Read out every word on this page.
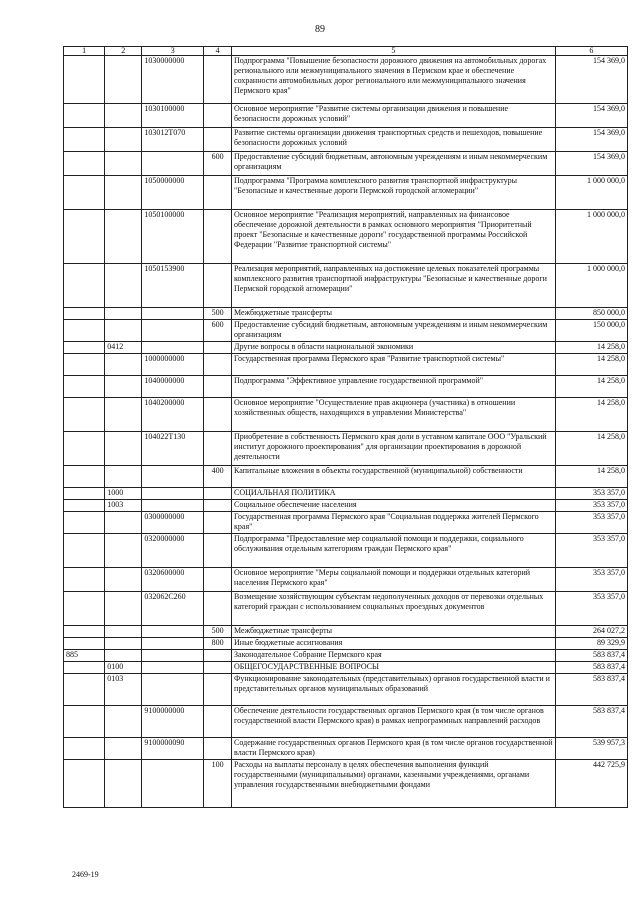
89
1	2	3	4	5	6
		1030000000		Подпрограмма "Повышение безопасности дорожного движения на автомобильных дорогах регионального или межмуниципального значения в Пермском крае и обеспечение сохранности автомобильных дорог регионального или межмуниципального значения Пермского края"	154 369,0
		1030100000		Основное мероприятие "Развитие системы организации движения и повышение безопасности дорожных условий"	154 369,0
		103012Т070		Развитие системы организации движения транспортных средств и пешеходов, повышение безопасности дорожных условий	154 369,0
			600	Предоставление субсидий бюджетным, автономным учреждениям и иным некоммерческим организациям	154 369,0
		1050000000		Подпрограмма "Программа комплексного развития транспортной инфраструктуры "Безопасные и качественные дороги Пермской городской агломерации"	1 000 000,0
		1050100000		Основное мероприятие "Реализация мероприятий, направленных на финансовое обеспечение дорожной деятельности в рамках основного мероприятия "Приоритетный проект "Безопасные и качественные дороги" государственной программы Российской Федерации "Развитие транспортной системы"	1 000 000,0
		1050153900		Реализация мероприятий, направленных на достижение целевых показателей программы комплексного развития транспортной инфраструктуры "Безопасные и качественные дороги Пермской городской агломерации"	1 000 000,0
			500	Межбюджетные трансферты	850 000,0
			600	Предоставление субсидий бюджетным, автономным учреждениям и иным некоммерческим организациям	150 000,0
	0412			Другие вопросы в области национальной экономики	14 258,0
		1000000000		Государственная программа Пермского края "Развитие транспортной системы"	14 258,0
		1040000000		Подпрограмма "Эффективное управление государственной программой"	14 258,0
		1040200000		Основное мероприятие "Осуществление прав акционера (участника) в отношении хозяйственных обществ, находящихся в управлении Министерства"	14 258,0
		104022Т130		Приобретение в собственность Пермского края доли в уставном капитале ООО "Уральский институт дорожного проектирования" для организации проектирования в дорожной деятельности	14 258,0
			400	Капитальные вложения в объекты государственной (муниципальной) собственности	14 258,0
	1000			СОЦИАЛЬНАЯ ПОЛИТИКА	353 357,0
	1003			Социальное обеспечение населения	353 357,0
		0300000000		Государственная программа Пермского края "Социальная поддержка жителей Пермского края"	353 357,0
		0320000000		Подпрограмма "Предоставление мер социальной помощи и поддержки, социального обслуживания отдельным категориям граждан Пермского края"	353 357,0
		0320600000		Основное мероприятие "Меры социальной помощи и поддержки отдельных категорий населения Пермского края"	353 357,0
		032062С260		Возмещение хозяйствующим субъектам недополученных доходов от перевозки отдельных категорий граждан с использованием социальных проездных документов	353 357,0
			500	Межбюджетные трансферты	264 027,2
			800	Иные бюджетные ассигнования	89 329,9
885				Законодательное Собрание Пермского края	583 837,4
	0100			ОБЩЕГОСУДАРСТВЕННЫЕ ВОПРОСЫ	583 837,4
	0103			Функционирование законодательных (представительных) органов государственной власти и представительных органов муниципальных образований	583 837,4
		9100000000		Обеспечение деятельности государственных органов Пермского края (в том числе органов государственной власти Пермского края) в рамках непрограммных направлений расходов	583 837,4
		9100000090		Содержание государственных органов Пермского края (в том числе органов государственной власти Пермского края)	539 957,3
			100	Расходы на выплаты персоналу в целях обеспечения выполнения функций государственными (муниципальными) органами, казенными учреждениями, органами управления государственными внебюджетными фондами	442 725,9
2469-19
